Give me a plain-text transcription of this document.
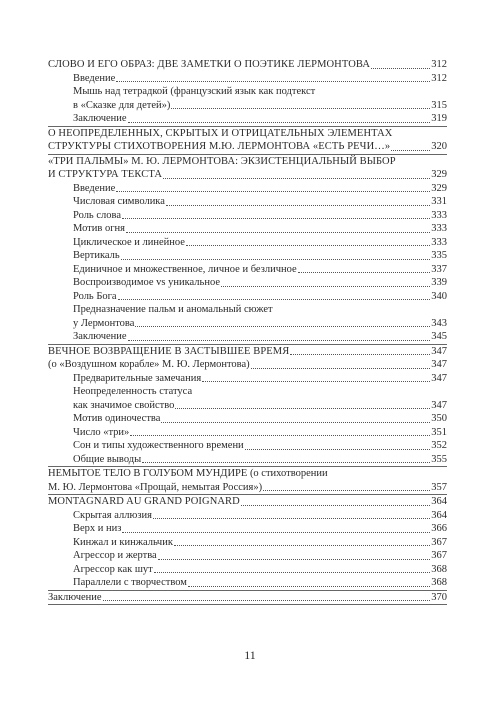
СЛОВО И ЕГО ОБРАЗ: ДВЕ ЗАМЕТКИ О ПОЭТИКЕ ЛЕРМОНТОВА	312
Введение	312
Мышь над тетрадкой (французский язык как подтекст
в «Сказке для детей»)	315
Заключение	319
О НЕОПРЕДЕЛЕННЫХ, СКРЫТЫХ И ОТРИЦАТЕЛЬНЫХ ЭЛЕМЕНТАХ
СТРУКТУРЫ СТИХОТВОРЕНИЯ М.Ю. ЛЕРМОНТОВА «ЕСТЬ РЕЧИ…»	320
«ТРИ ПАЛЬМЫ» М. Ю. ЛЕРМОНТОВА: ЭКЗИСТЕНЦИАЛЬНЫЙ ВЫБОР
И СТРУКТУРА ТЕКСТА	329
Введение	329
Числовая символика	331
Роль слова	333
Мотив огня	333
Циклическое и линейное	333
Вертикаль	335
Единичное и множественное, личное и безличное	337
Воспроизводимое vs уникальное	339
Роль Бога	340
Предназначение пальм и аномальный сюжет
у Лермонтова	343
Заключение	345
ВЕЧНОЕ ВОЗВРАЩЕНИЕ В ЗАСТЫВШЕЕ ВРЕМЯ	347
(о «Воздушном корабле» М. Ю. Лермонтова)	347
Предварительные замечания	347
Неопределенность статуса
как значимое свойство	347
Мотив одиночества	350
Число «три»	351
Сон и типы художественного времени	352
Общие выводы	355
НЕМЫТОЕ ТЕЛО В ГОЛУБОМ МУНДИРЕ (о стихотворении
М. Ю. Лермонтова «Прощай, немытая Россия»)	357
MONTAGNARD AU GRAND POIGNARD	364
Скрытая аллюзия	364
Верх и низ	366
Кинжал и кинжальчик	367
Агрессор и жертва	367
Агрессор как шут	368
Параллели с творчеством	368
Заключение	370
11
